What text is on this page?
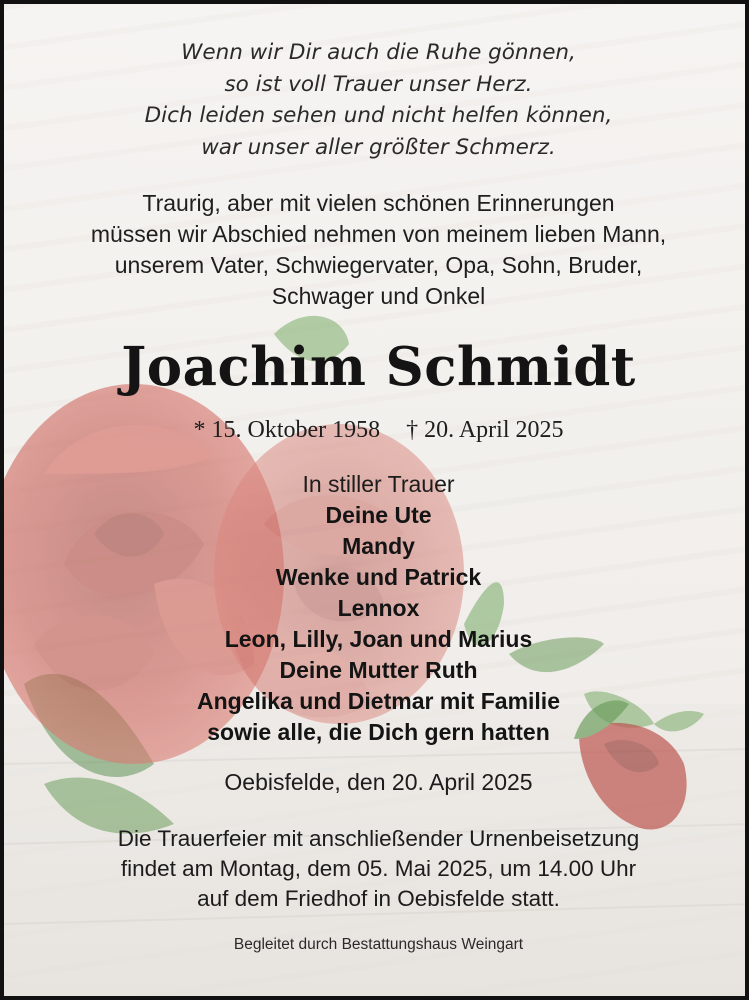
Wenn wir Dir auch die Ruhe gönnen,
so ist voll Trauer unser Herz.
Dich leiden sehen und nicht helfen können,
war unser aller größter Schmerz.
Traurig, aber mit vielen schönen Erinnerungen
müssen wir Abschied nehmen von meinem lieben Mann,
unserem Vater, Schwiegervater, Opa, Sohn, Bruder,
Schwager und Onkel
Joachim Schmidt
* 15. Oktober 1958 † 20. April 2025
In stiller Trauer
Deine Ute
Mandy
Wenke und Patrick
Lennox
Leon, Lilly, Joan und Marius
Deine Mutter Ruth
Angelika und Dietmar mit Familie
sowie alle, die Dich gern hatten
Oebisfelde, den 20. April 2025
Die Trauerfeier mit anschließender Urnenbeisetzung
findet am Montag, dem 05. Mai 2025, um 14.00 Uhr
auf dem Friedhof in Oebisfelde statt.
Begleitet durch Bestattungshaus Weingart
